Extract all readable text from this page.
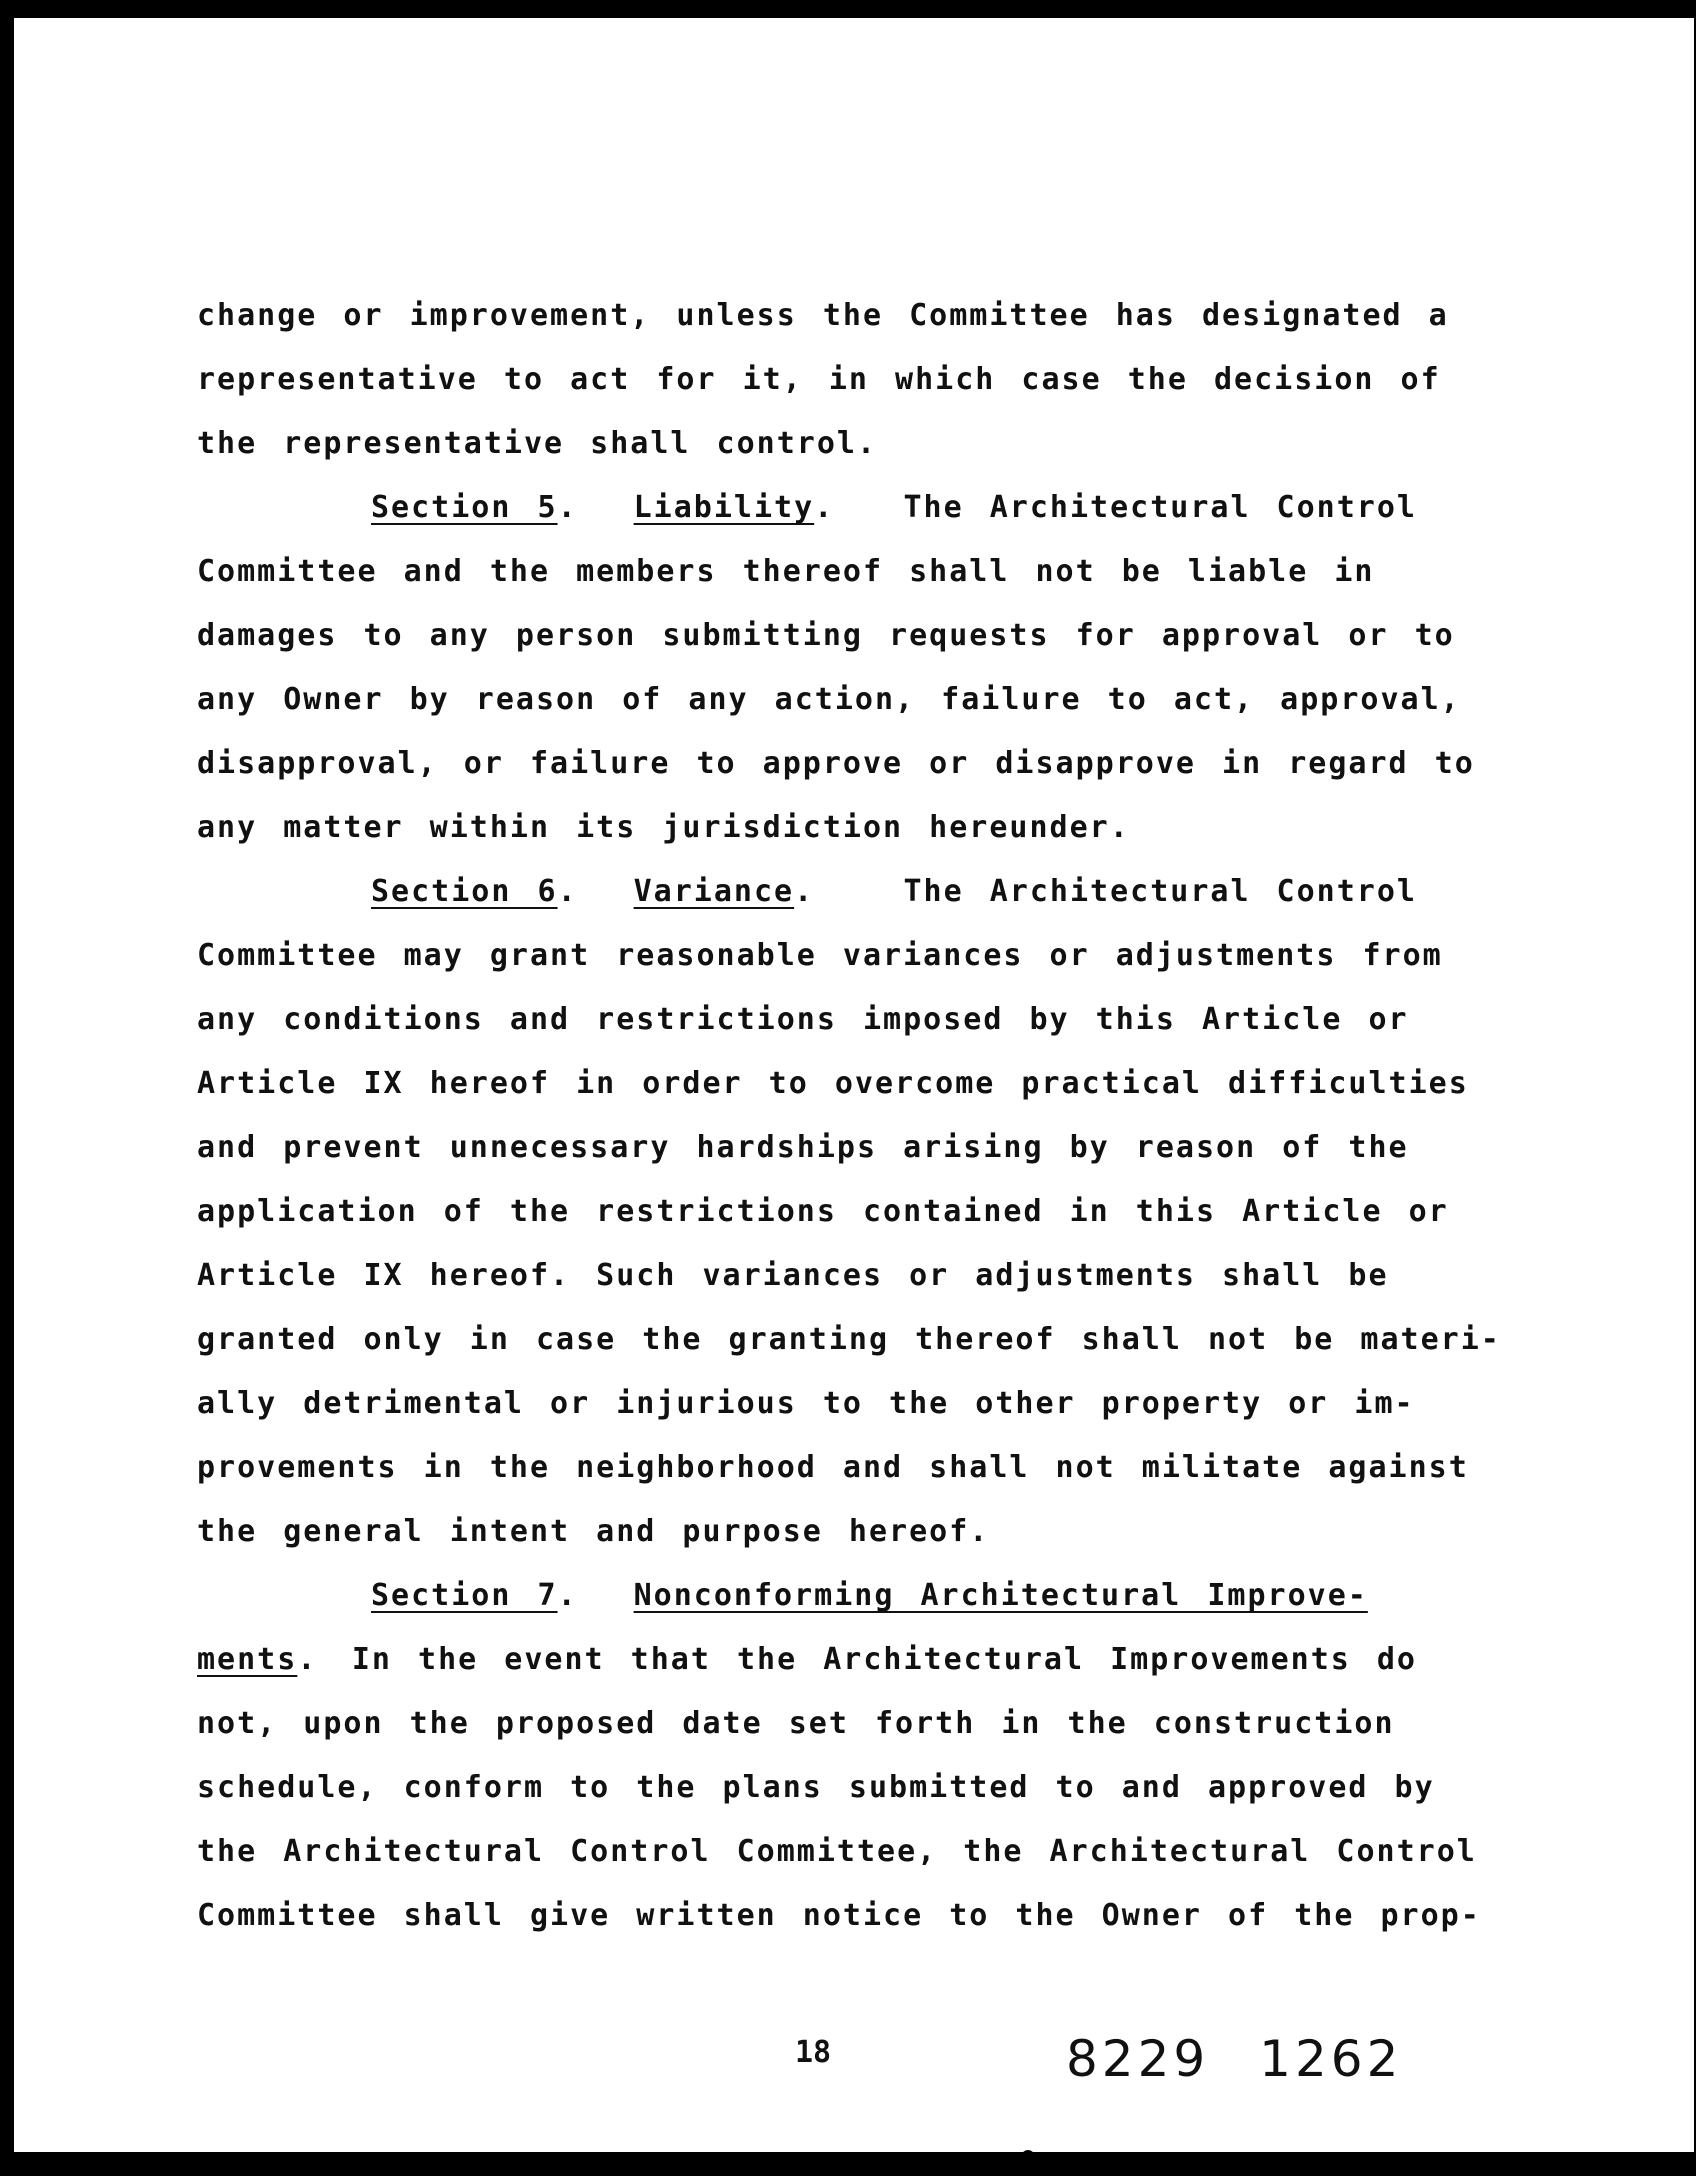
change or improvement, unless the Committee has designated a
representative to act for it, in which case the decision of
the representative shall control.
Section 5. Liability. The Architectural Control
Committee and the members thereof shall not be liable in
damages to any person submitting requests for approval or to
any Owner by reason of any action, failure to act, approval,
disapproval, or failure to approve or disapprove in regard to
any matter within its jurisdiction hereunder.
Section 6. Variance.	The Architectural Control
Committee may grant reasonable variances or adjustments from
any conditions and restrictions imposed by this Article or
Article IX hereof in order to overcome practical difficulties
and prevent unnecessary hardships arising by reason of the
application of the restrictions contained in this Article or
Article IX hereof. Such variances or adjustments shall be
granted only in case the granting thereof shall not be materi-
ally detrimental or injurious to the other property or im-
provements in the neighborhood and shall not militate against
the general intent and purpose hereof.
Section 7. Nonconforming Architectural Improve-
ments. In the event that the Architectural Improvements do
not, upon the proposed date set forth in the construction
schedule, conform to the plans submitted to and approved by
the Architectural Control Committee, the Architectural Control
Committee shall give written notice to the Owner of the prop-
18	8229 1262
